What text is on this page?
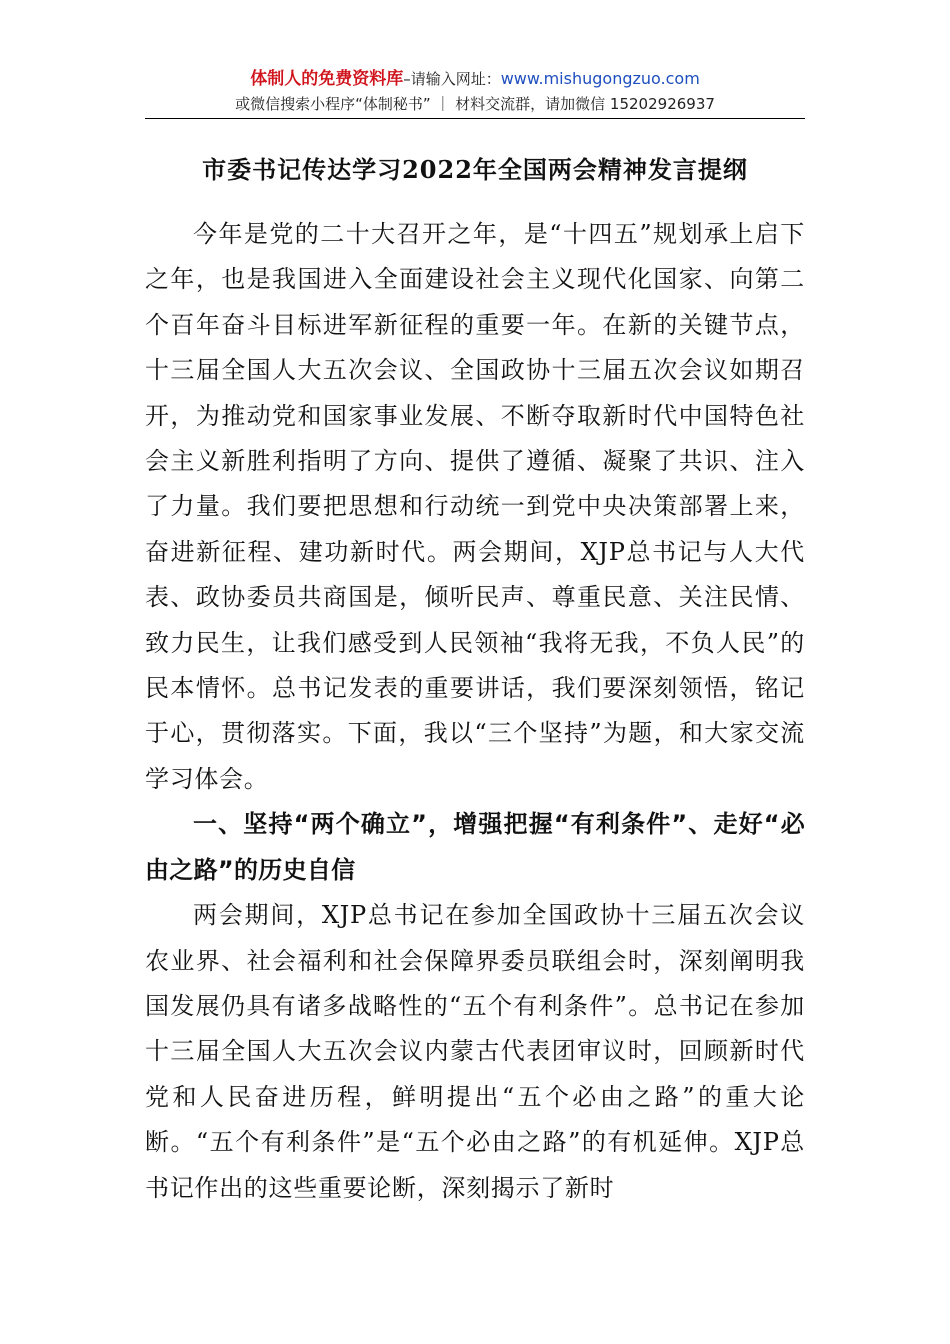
体制人的免费资料库–请输入网址：www.mishugongzuo.com
或微信搜索小程序“体制秘书” ｜ 材料交流群，请加微信 15202926937
市委书记传达学习2022年全国两会精神发言提纲

今年是党的二十大召开之年，是“十四五”规划承上启下之年，也是我国进入全面建设社会主义现代化国家、向第二个百年奋斗目标进军新征程的重要一年。在新的关键节点，十三届全国人大五次会议、全国政协十三届五次会议如期召开，为推动党和国家事业发展、不断夺取新时代中国特色社会主义新胜利指明了方向、提供了遵循、凝聚了共识、注入了力量。我们要把思想和行动统一到党中央决策部署上来，奋进新征程、建功新时代。两会期间，XJP总书记与人大代表、政协委员共商国是，倾听民声、尊重民意、关注民情、致力民生，让我们感受到人民领袖“我将无我，不负人民”的民本情怀。总书记发表的重要讲话，我们要深刻领悟，铭记于心，贯彻落实。下面，我以“三个坚持”为题，和大家交流学习体会。

一、坚持“两个确立”，增强把握“有利条件”、走好“必由之路”的历史自信

两会期间，XJP总书记在参加全国政协十三届五次会议农业界、社会福利和社会保障界委员联组会时，深刻阐明我国发展仍具有诸多战略性的“五个有利条件”。总书记在参加十三届全国人大五次会议内蒙古代表团审议时，回顾新时代党和人民奋进历程，鲜明提出“五个必由之路”的重大论断。“五个有利条件”是“五个必由之路”的有机延伸。XJP总书记作出的这些重要论断，深刻揭示了新时
